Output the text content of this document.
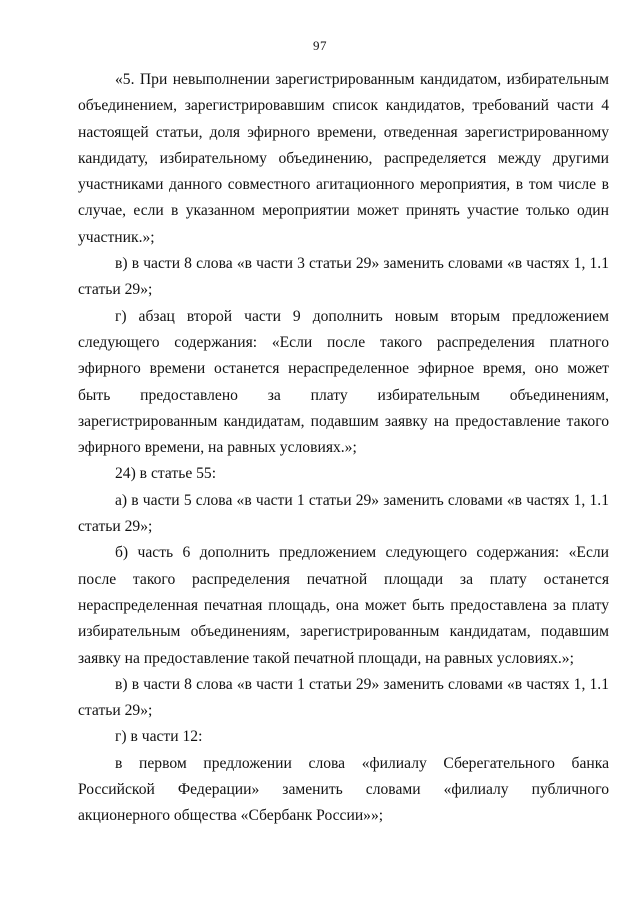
97

«5. При невыполнении зарегистрированным кандидатом, избирательным объединением, зарегистрировавшим список кандидатов, требований части 4 настоящей статьи, доля эфирного времени, отведенная зарегистрированному кандидату, избирательному объединению, распределяется между другими участниками данного совместного агитационного мероприятия, в том числе в случае, если в указанном мероприятии может принять участие только один участник.»;

в) в части 8 слова «в части 3 статьи 29» заменить словами «в частях 1, 1.1 статьи 29»;

г) абзац второй части 9 дополнить новым вторым предложением следующего содержания: «Если после такого распределения платного эфирного времени останется нераспределенное эфирное время, оно может быть предоставлено за плату избирательным объединениям, зарегистрированным кандидатам, подавшим заявку на предоставление такого эфирного времени, на равных условиях.»;

24) в статье 55:

а) в части 5 слова «в части 1 статьи 29» заменить словами «в частях 1, 1.1 статьи 29»;

б) часть 6 дополнить предложением следующего содержания: «Если после такого распределения печатной площади за плату останется нераспределенная печатная площадь, она может быть предоставлена за плату избирательным объединениям, зарегистрированным кандидатам, подавшим заявку на предоставление такой печатной площади, на равных условиях.»;

в) в части 8 слова «в части 1 статьи 29» заменить словами «в частях 1, 1.1 статьи 29»;

г) в части 12:

в первом предложении слова «филиалу Сберегательного банка Российской Федерации» заменить словами «филиалу публичного акционерного общества «Сбербанк России»»;
